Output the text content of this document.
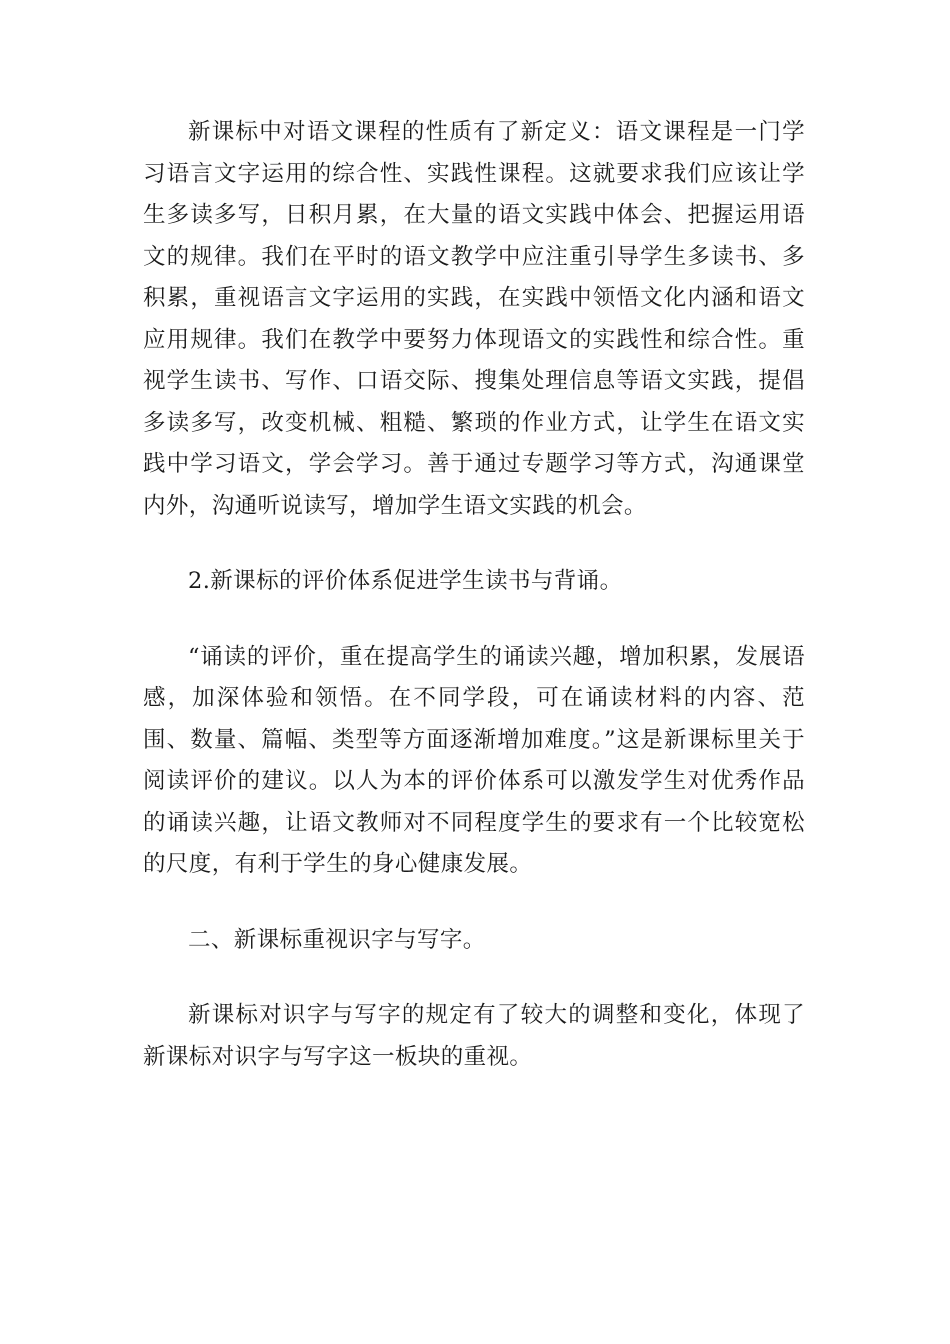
新课标中对语文课程的性质有了新定义：语文课程是一门学习语言文字运用的综合性、实践性课程。这就要求我们应该让学生多读多写，日积月累，在大量的语文实践中体会、把握运用语文的规律。我们在平时的语文教学中应注重引导学生多读书、多积累，重视语言文字运用的实践，在实践中领悟文化内涵和语文应用规律。我们在教学中要努力体现语文的实践性和综合性。重视学生读书、写作、口语交际、搜集处理信息等语文实践，提倡多读多写，改变机械、粗糙、繁琐的作业方式，让学生在语文实践中学习语文，学会学习。善于通过专题学习等方式，沟通课堂内外，沟通听说读写，增加学生语文实践的机会。

2.新课标的评价体系促进学生读书与背诵。

“诵读的评价，重在提高学生的诵读兴趣，增加积累，发展语感，加深体验和领悟。在不同学段，可在诵读材料的内容、范围、数量、篇幅、类型等方面逐渐增加难度。”这是新课标里关于阅读评价的建议。以人为本的评价体系可以激发学生对优秀作品的诵读兴趣，让语文教师对不同程度学生的要求有一个比较宽松的尺度，有利于学生的身心健康发展。

二、新课标重视识字与写字。

新课标对识字与写字的规定有了较大的调整和变化，体现了新课标对识字与写字这一板块的重视。
